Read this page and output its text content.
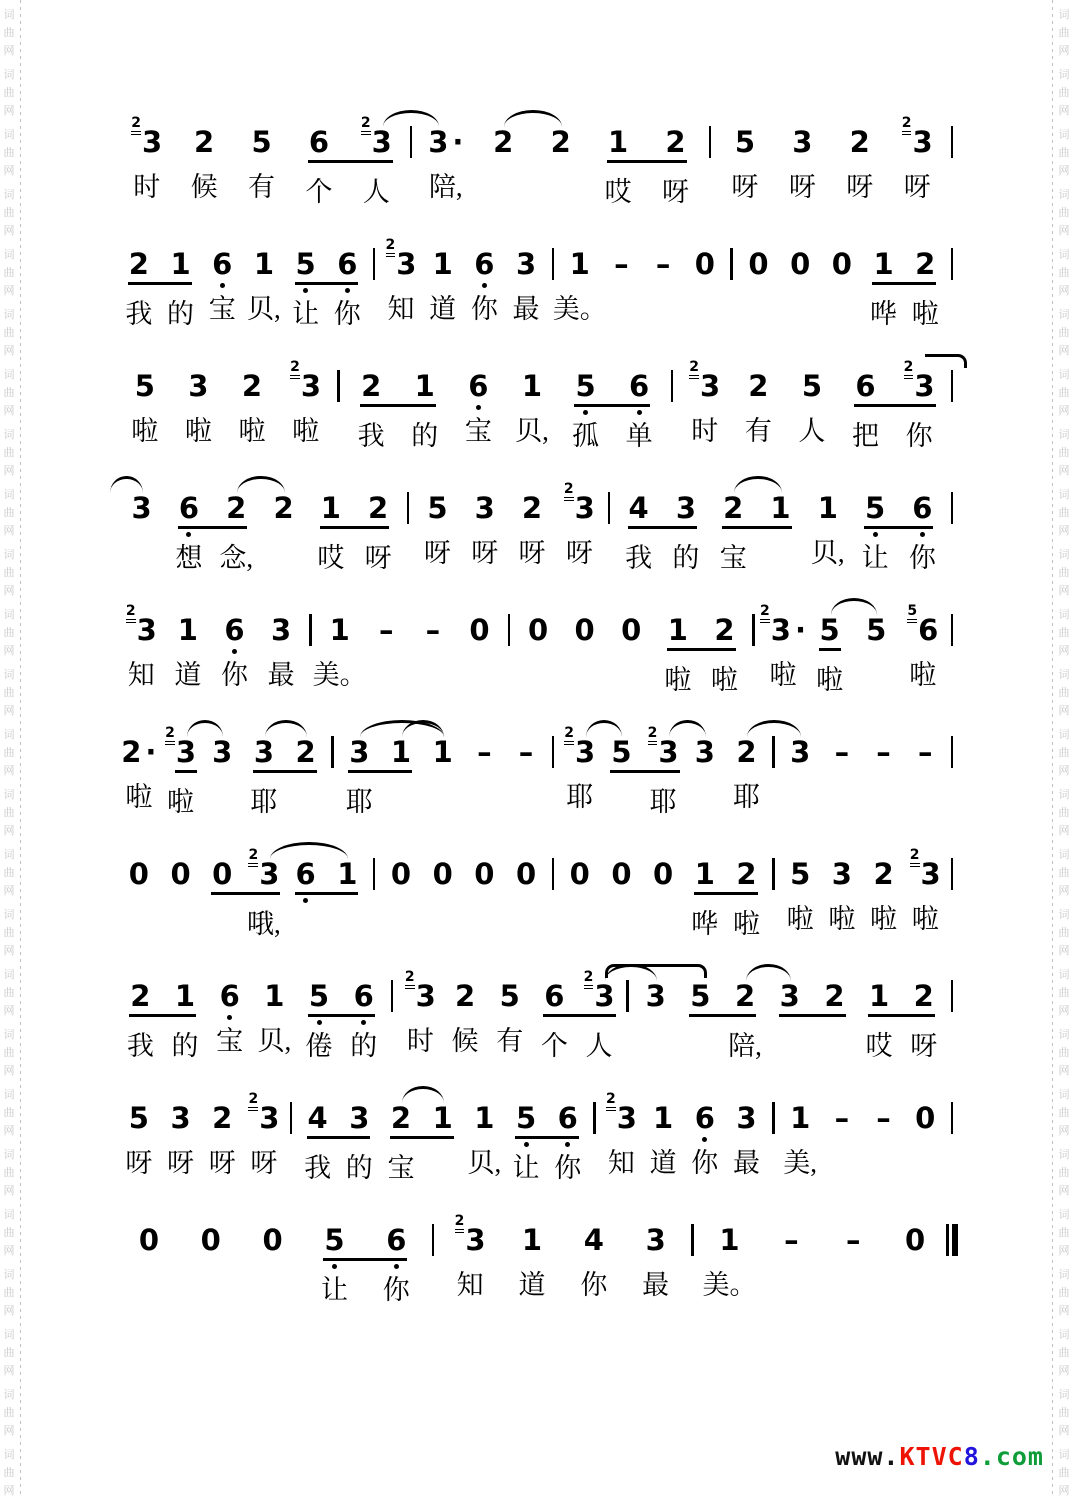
词
曲
网
词
曲
网
词
曲
网
词
曲
网
词
曲
网
词
曲
网
词
曲
网
词
曲
网
词
曲
网
词
曲
网
词
曲
网
词
曲
网
词
曲
网
词
曲
网
词
曲
网
词
曲
网
词
曲
网
词
曲
网
词
曲
网
词
曲
网
词
曲
网
词
曲
网
词
曲
网
词
曲
网
词
曲
网
词
曲
网
词
曲
网
词
曲
网
词
曲
网
词
曲
网
词
曲
网
词
曲
网
词
曲
网
词
曲
网
词
曲
网
词
曲
网
词
曲
网
词
曲
网
词
曲
网
词
曲
网
词
曲
网
词
曲
网
词
曲
网
词
曲
网
词
曲
网
词
曲
网
词
曲
网
词
曲
网
词
曲
网
词
曲
网
2
3
时
2
候
5
有
6
个
2
3
人
3 ·
陪,
2 2 1
哎
2
呀
5
呀
3
呀
2
呀
2
3
呀
2
我
1
的
6
宝
1
贝,
5
让
6
你
2
3
知
1
道
6
你
3
最
1
美。
– – 0 0 0 0 1
哗
2
啦
5
啦
3
啦
2
啦
2
3
啦
2
我
1
的
6
宝
1
贝,
5
孤
6
单
2
3
时
2
有
5
人
6
把
2
3
你
3 6
想
2
念,
2 1
哎
2
呀
5
呀
3
呀
2
呀
2
3
呀
4
我
3
的
2
宝
1 1
贝,
5
让
6
你
2
3
知
1
道
6
你
3
最
1
美。
– – 0 0 0 0 1
啦
2
啦
2
3 ·
啦
5
啦
5
5
6
啦
2 ·
啦
2
3
啦
3 3
耶
2 3
耶
1 1 – –
2
3
耶
5
2
3
耶
3 2
耶
3 – – –
0 0 0
2
3
哦,
6 1 0 0 0 0 0 0 0 1
哗
2
啦
5
啦
3
啦
2
啦
2
3
啦
2
我
1
的
6
宝
1
贝,
5
倦
6
的
2
3
时
2
候
5
有
6
个
2
3
人
3 5 2
陪,
3 2 1
哎
2
呀
5
呀
3
呀
2
呀
2
3
呀
4
我
3
的
2
宝
1 1
贝,
5
让
6
你
2
3
知
1
道
6
你
3
最
1
美,
– – 0
0 0 0 5
让
6
你
2
3
知
1
道
4
你
3
最
1
美。
– – 0
www.KTVC8.com
